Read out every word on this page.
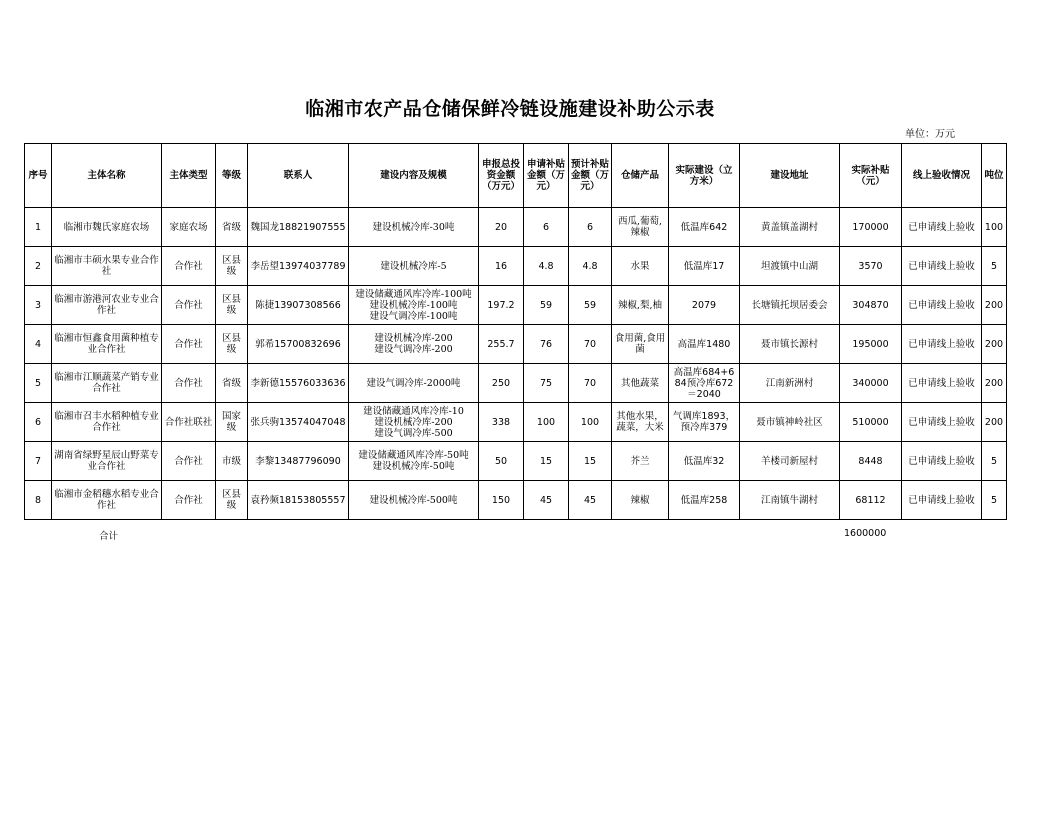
临湘市农产品仓储保鲜冷链设施建设补助公示表
单位：万元
序号	主体名称	主体类型	等级	联系人	建设内容及规模	申报总投资金额（万元）	申请补贴金额（万元）	预计补贴金额（万元）	仓储产品	实际建设（立方米）	建设地址	实际补贴（元）	线上验收情况	吨位
1	临湘市魏氏家庭农场	家庭农场	省级	魏国龙18821907555	建设机械冷库-30吨	20	6	6	西瓜,葡萄,辣椒	低温库642	黄盖镇盖湖村	170000	已申请线上验收	100
2	临湘市丰硕水果专业合作社	合作社	区县级	李岳望13974037789	建设机械冷库-5	16	4.8	4.8	水果	低温库17	坦渡镇中山湖	3570	已申请线上验收	5
3	临湘市游港河农业专业合作社	合作社	区县级	陈捷13907308566	建设储藏通风库冷库-100吨
建设机械冷库-100吨
建设气调冷库-100吨	197.2	59	59	辣椒,梨,柚	2079	长塘镇托坝居委会	304870	已申请线上验收	200
4	临湘市恒鑫食用菌种植专业合作社	合作社	区县级	郭希15700832696	建设机械冷库-200
建设气调冷库-200	255.7	76	70	食用菌,食用菌	高温库1480	聂市镇长源村	195000	已申请线上验收	200
5	临湘市江顺蔬菜产销专业合作社	合作社	省级	李新德15576033636	建设气调冷库-2000吨	250	75	70	其他蔬菜	高温库684+684预冷库672＝2040	江南新洲村	340000	已申请线上验收	200
6	临湘市召丰水稻种植专业合作社	合作社联社	国家级	张兵驹13574047048	建设储藏通风库冷库-10
建设机械冷库-200
建设气调冷库-500	338	100	100	其他水果，蔬菜，大米	气调库1893，预冷库379	聂市镇神岭社区	510000	已申请线上验收	200
7	湖南省绿野星辰山野菜专业合作社	合作社	市级	李黎13487796090	建设储藏通风库冷库-50吨
建设机械冷库-50吨	50	15	15	芥兰	低温库32	羊楼司新屋村	8448	已申请线上验收	5
8	临湘市金稻穗水稻专业合作社	合作社	区县级	袁矜频18153805557	建设机械冷库-500吨	150	45	45	辣椒	低温库258	江南镇牛湖村	68112	已申请线上验收	5
合计	1600000
